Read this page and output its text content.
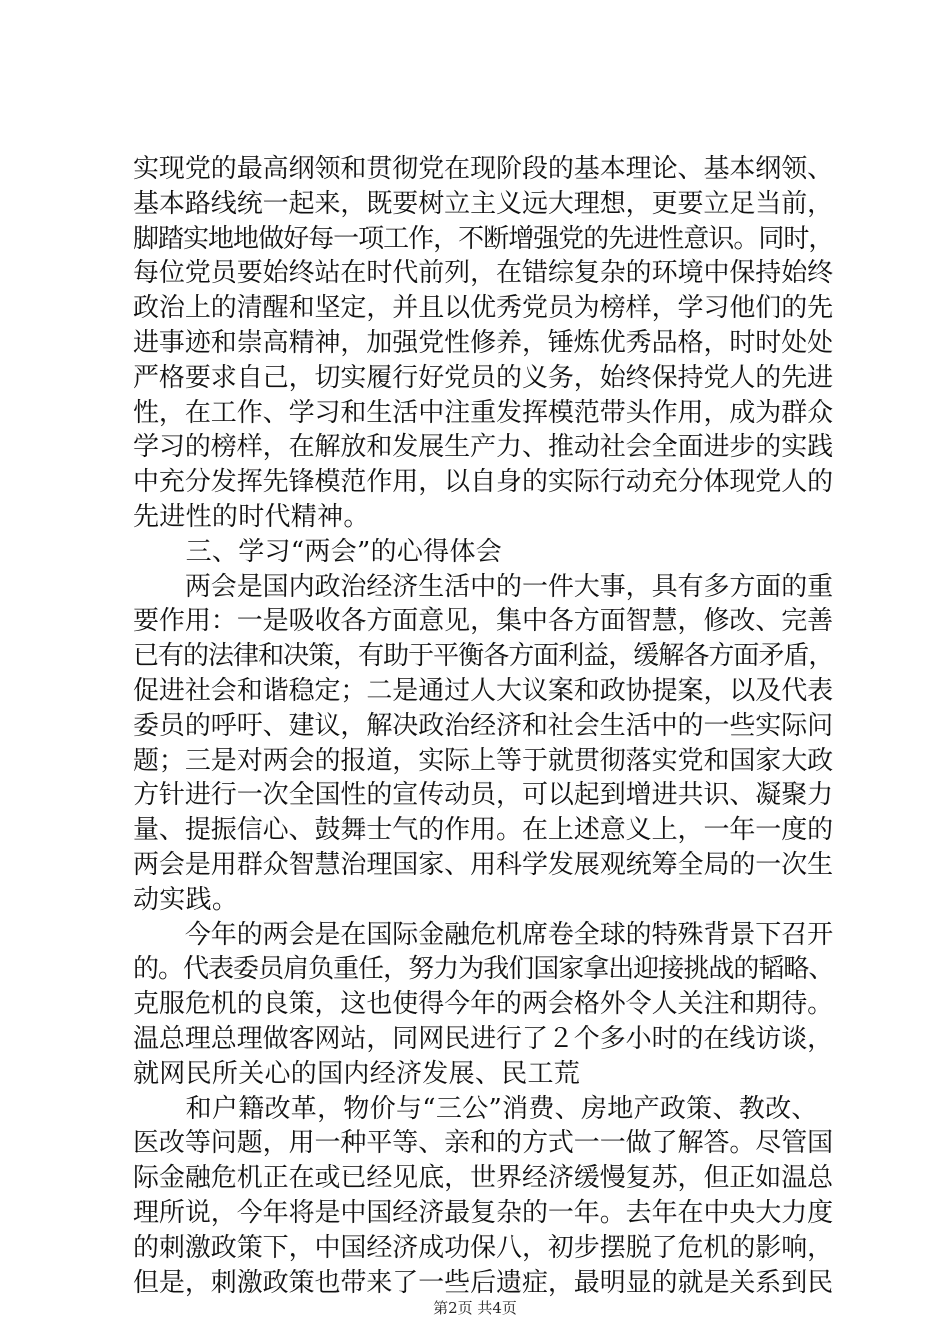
实现党的最高纲领和贯彻党在现阶段的基本理论、基本纲领、
基本路线统一起来，既要树立主义远大理想，更要立足当前，
脚踏实地地做好每一项工作，不断增强党的先进性意识。同时，
每位党员要始终站在时代前列，在错综复杂的环境中保持始终
政治上的清醒和坚定，并且以优秀党员为榜样，学习他们的先
进事迹和崇高精神，加强党性修养，锤炼优秀品格，时时处处
严格要求自己，切实履行好党员的义务，始终保持党人的先进
性，在工作、学习和生活中注重发挥模范带头作用，成为群众
学习的榜样，在解放和发展生产力、推动社会全面进步的实践
中充分发挥先锋模范作用，以自身的实际行动充分体现党人的
先进性的时代精神。
　　三、学习“两会”的心得体会
　　两会是国内政治经济生活中的一件大事，具有多方面的重
要作用：一是吸收各方面意见，集中各方面智慧，修改、完善
已有的法律和决策，有助于平衡各方面利益，缓解各方面矛盾，
促进社会和谐稳定；二是通过人大议案和政协提案，以及代表
委员的呼吁、建议，解决政治经济和社会生活中的一些实际问
题；三是对两会的报道，实际上等于就贯彻落实党和国家大政
方针进行一次全国性的宣传动员，可以起到增进共识、凝聚力
量、提振信心、鼓舞士气的作用。在上述意义上，一年一度的
两会是用群众智慧治理国家、用科学发展观统筹全局的一次生
动实践。
　　今年的两会是在国际金融危机席卷全球的特殊背景下召开
的。代表委员肩负重任，努力为我们国家拿出迎接挑战的韬略、
克服危机的良策，这也使得今年的两会格外令人关注和期待。
温总理总理做客网站，同网民进行了２个多小时的在线访谈，
就网民所关心的国内经济发展、民工荒
　　和户籍改革，物价与“三公”消费、房地产政策、教改、
医改等问题，用一种平等、亲和的方式一一做了解答。尽管国
际金融危机正在或已经见底，世界经济缓慢复苏，但正如温总
理所说，今年将是中国经济最复杂的一年。去年在中央大力度
的刺激政策下，中国经济成功保八，初步摆脱了危机的影响，
但是，刺激政策也带来了一些后遗症，最明显的就是关系到民
第2页 共4页
